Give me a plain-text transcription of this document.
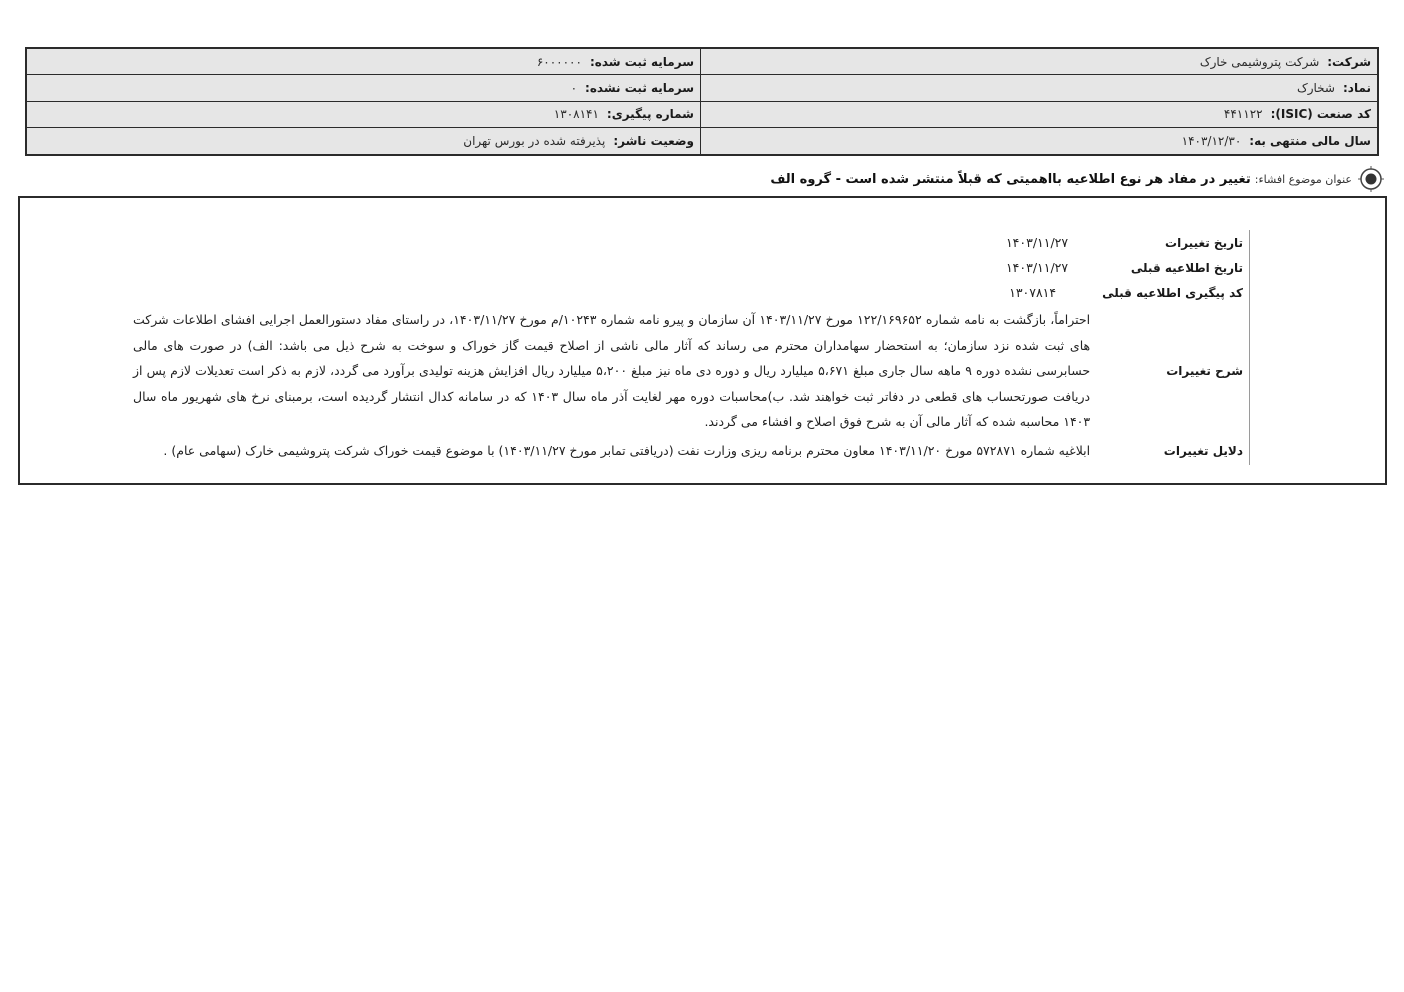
شرکت:
شرکت پتروشیمی خارک
سرمایه ثبت شده:
۶۰۰۰۰۰۰
نماد:
شخارک
سرمایه ثبت نشده:
۰
کد صنعت (ISIC):
۴۴۱۱۲۲
شماره پیگیری:
۱۳۰۸۱۴۱
سال مالی منتهی به:
۱۴۰۳/۱۲/۳۰
وضعیت ناشر:
پذیرفته شده در بورس تهران
عنوان موضوع افشاء:
تغییر در مفاد هر نوع اطلاعیه بااهمیتی که قبلاً منتشر شده است - گروه الف
تاریخ تغییرات	۱۴۰۳/۱۱/۲۷
تاریخ اطلاعیه قبلی	۱۴۰۳/۱۱/۲۷
کد پیگیری اطلاعیه قبلی	۱۳۰۷۸۱۴
شرح تغییرات	احتراماً، بازگشت به نامه شماره ۱۲۲/۱۶۹۶۵۲ مورخ ۱۴۰۳/۱۱/۲۷ آن سازمان و پیرو نامه شماره ۱۰۲۴۳/م مورخ ۱۴۰۳/۱۱/۲۷، در راستای مفاد دستورالعمل اجرایی افشای اطلاعات شرکت های ثبت شده نزد سازمان؛ به استحضار سهامداران محترم می رساند که آثار مالی ناشی از اصلاح قیمت گاز خوراک و سوخت به شرح ذیل می باشد: الف) در صورت های مالی حسابرسی نشده دوره ۹ ماهه سال جاری مبلغ ۵،۶۷۱ میلیارد ریال و دوره دی ماه نیز مبلغ ۵،۲۰۰ میلیارد ریال افزایش هزینه تولیدی برآورد می گردد، لازم به ذکر است تعدیلات لازم پس از دریافت صورتحساب های قطعی در دفاتر ثبت خواهند شد. ب)محاسبات دوره مهر لغایت آذر ماه سال ۱۴۰۳ که در سامانه کدال انتشار گردیده است، برمبنای نرخ های شهریور ماه سال ۱۴۰۳ محاسبه شده که آثار مالی آن به شرح فوق اصلاح و افشاء می گردند.
دلایل تغییرات	ابلاغیه شماره ۵۷۲۸۷۱ مورخ ۱۴۰۳/۱۱/۲۰ معاون محترم برنامه ریزی وزارت نفت (دریافتی تمابر مورخ ۱۴۰۳/۱۱/۲۷) با موضوع قیمت خوراک شرکت پتروشیمی خارک (سهامی عام) .
